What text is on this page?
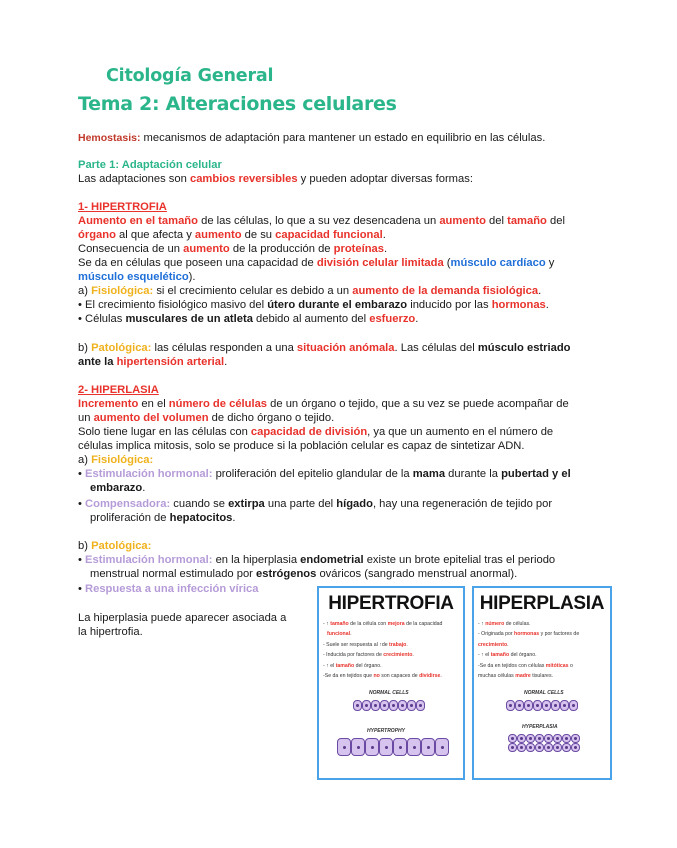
Citología General
Tema 2: Alteraciones celulares
Hemostasis: mecanismos de adaptación para mantener un estado en equilibrio en las células.
Parte 1: Adaptación celular
Las adaptaciones son cambios reversibles y pueden adoptar diversas formas:
1- HIPERTROFIA
Aumento en el tamaño de las células, lo que a su vez desencadena un aumento del tamaño del
órgano al que afecta y aumento de su capacidad funcional.
Consecuencia de un aumento de la producción de proteínas.
Se da en células que poseen una capacidad de división celular limitada (músculo cardíaco y
músculo esquelético).
a) Fisiológica: si el crecimiento celular es debido a un aumento de la demanda fisiológica.
• El crecimiento fisiológico masivo del útero durante el embarazo inducido por las hormonas.
• Células musculares de un atleta debido al aumento del esfuerzo.
b) Patológica: las células responden a una situación anómala. Las células del músculo estriado
ante la hipertensión arterial.
2- HIPERLASIA
Incremento en el número de células de un órgano o tejido, que a su vez se puede acompañar de
un aumento del volumen de dicho órgano o tejido.
Solo tiene lugar en las células con capacidad de división, ya que un aumento en el número de
células implica mitosis, solo se produce si la población celular es capaz de sintetizar ADN.
a) Fisiológica:
• Estimulación hormonal: proliferación del epitelio glandular de la mama durante la pubertad y el
embarazo.
• Compensadora: cuando se extirpa una parte del hígado, hay una regeneración de tejido por
proliferación de hepatocitos.
b) Patológica:
• Estimulación hormonal: en la hiperplasia endometrial existe un brote epitelial tras el periodo
menstrual normal estimulado por estrógenos ováricos (sangrado menstrual anormal).
• Respuesta a una infección vírica
La hiperplasia puede aparecer asociada a
la hipertrofia.
HIPERTROFIA
- ↑ tamaño de la célula con mejora de la capacidad
funcional.
- Suele ser respuesta al ↑de trabajo.
- Inducida por factores de crecimiento.
- ↑ el tamaño del órgano.
-Se da en tejidos que no son capaces de dividirse.
NORMAL CELLS
HYPERTROPHY
HIPERPLASIA
- ↑ número de células.
- Originada por hormonas y por factores de
crecimiento.
- ↑ el tamaño del órgano.
-Se da en tejidos con células mitóticas o
muchas células madre tisulares.
NORMAL CELLS
HYPERPLASIA
